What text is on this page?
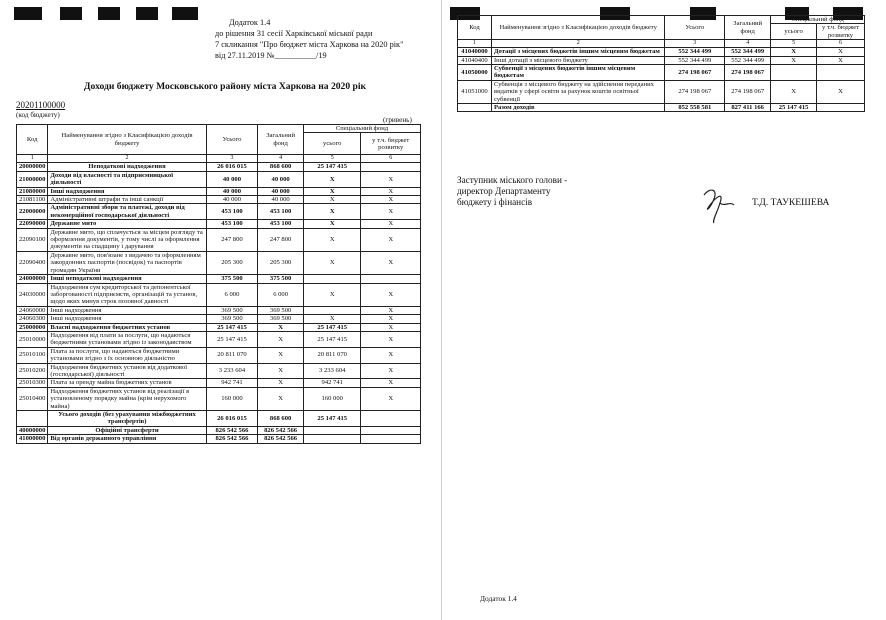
Додаток 1.4
до рішення 31 сесії Харківської міської ради
7 скликання "Про бюджет міста Харкова на 2020 рік"
від 27.11.2019 №__________/19
Доходи бюджету Московського району міста Харкова на 2020 рік
20201100000
(код бюджету)
(гривень)
Код	Найменування згідно з Класифікацією доходів бюджету	Усього	Загальний фонд	Спеціальний фонд	
				усього	у т.ч. бюджет розвитку
1	2	3	4	5	6
20000000	Неподаткові надходження	26 016 015	868 600	25 147 415	
21000000	Доходи від власності та підприємницької діяльності	40 000	40 000	X	X
21080000	Інші надходження	40 000	40 000	X	X
21081100	Адміністративні штрафи та інші санкції	40 000	40 000	X	X
22000000	Адміністративні збори та платежі, доходи від некомерційної господарської діяльності	453 100	453 100	X	X
22090000	Державне мито	453 100	453 100	X	X
22090100	Державне мито, що сплачується за місцем розгляду та оформлення документів, у тому числі за оформлення документів на спадщину і дарування	247 800	247 800	X	X
22090400	Державне мито, пов'язане з видачею та оформленням закордонних паспортів (посвідок) та паспортів громадян України	205 300	205 300	X	X
24000000	Інші неподаткові надходження	375 500	375 500		
24030000	Надходження сум кредиторської та депонентської заборгованості підприємств, організацій та установ, щодо яких минув строк позовної давності	6 000	6 000	X	X
24060000	Інші надходження	369 500	369 500		X
24060300	Інші надходження	369 500	369 500	X	X
25000000	Власні надходження бюджетних установ	25 147 415	X	25 147 415	X
25010000	Надходження від плати за послуги, що надаються бюджетними установами згідно із законодавством	25 147 415	X	25 147 415	X
25010100	Плата за послуги, що надаються бюджетними установами згідно з їх основною діяльністю	20 811 070	X	20 811 070	X
25010200	Надходження бюджетних установ від додаткової (господарської) діяльності	3 233 604	X	3 233 604	X
25010300	Плата за оренду майна бюджетних установ	942 741	X	942 741	X
25010400	Надходження бюджетних установ від реалізації в установленому порядку майна (крім нерухомого майна)	160 000	X	160 000	X
	Усього доходів (без урахування міжбюджетних трансфертів)	26 016 015	868 600	25 147 415	
40000000	Офіційні трансферти	826 542 566	826 542 566		
41000000	Від органів державного управління	826 542 566	826 542 566		
Код	Найменування згідно з Класифікацією доходів бюджету	Усього	Загальний фонд	Спеціальний фонд	
				усього	у т.ч. бюджет розвитку
1	2	3	4	5	6
41040000	Дотації з місцевих бюджетів іншим місцевим бюджетам	552 344 499	552 344 499	X	X
41040400	Інші дотації з місцевого бюджету	552 344 499	552 344 499	X	X
41050000	Субвенції з місцевих бюджетів іншим місцевим бюджетам	274 198 067	274 198 067		
41051000	Субвенція з місцевого бюджету на здійснення переданих видатків у сфері освіти за рахунок коштів освітньої субвенції	274 198 067	274 198 067	X	X
	Разом доходів	852 558 581	827 411 166	25 147 415	
Заступник міського голови -
директор Департаменту
бюджету і фінансів	Т.Д. ТАУКЕШЕВА
Додаток 1.4
